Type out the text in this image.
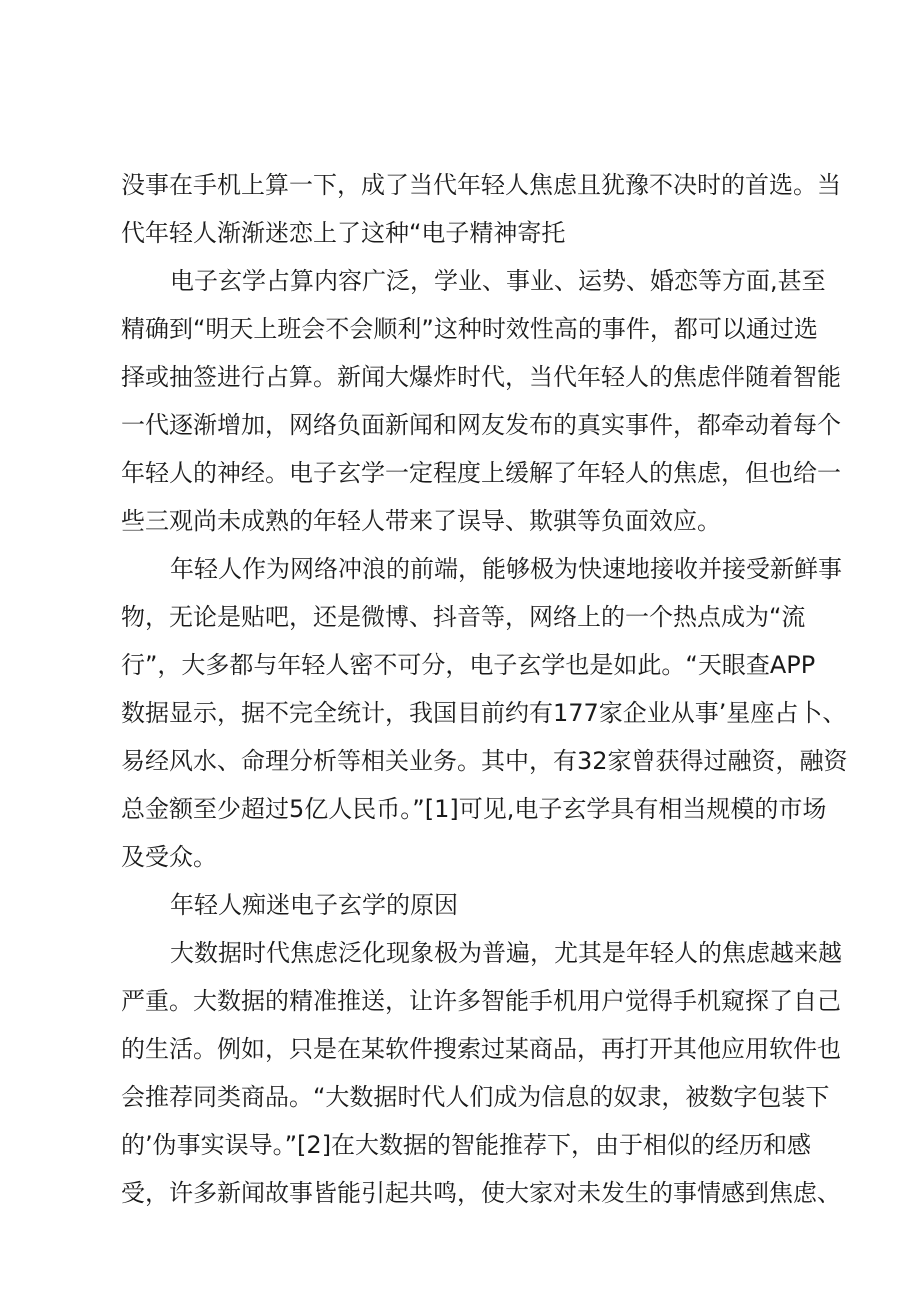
没事在手机上算一下，成了当代年轻人焦虑且犹豫不决时的首选。当

代年轻人渐渐迷恋上了这种“电子精神寄托

电子玄学占算内容广泛，学业、事业、运势、婚恋等方面,甚至

精确到“明天上班会不会顺利”这种时效性高的事件，都可以通过选

择或抽签进行占算。新闻大爆炸时代，当代年轻人的焦虑伴随着智能

一代逐渐增加，网络负面新闻和网友发布的真实事件，都牵动着每个

年轻人的神经。电子玄学一定程度上缓解了年轻人的焦虑，但也给一

些三观尚未成熟的年轻人带来了误导、欺骐等负面效应。

年轻人作为网络冲浪的前端，能够极为快速地接收并接受新鲜事

物，无论是贴吧，还是微博、抖音等，网络上的一个热点成为“流

行”，大多都与年轻人密不可分，电子玄学也是如此。“天眼查APP

数据显示，据不完全统计，我国目前约有177家企业从事’星座占卜、

易经风水、命理分析等相关业务。其中，有32家曾获得过融资，融资

总金额至少超过5亿人民币。”[1]可见,电子玄学具有相当规模的市场

及受众。

年轻人痴迷电子玄学的原因

大数据时代焦虑泛化现象极为普遍，尤其是年轻人的焦虑越来越

严重。大数据的精准推送，让许多智能手机用户觉得手机窥探了自己

的生活。例如，只是在某软件搜索过某商品，再打开其他应用软件也

会推荐同类商品。“大数据时代人们成为信息的奴隶，被数字包装下

的’伪事实误导。”[2]在大数据的智能推荐下，由于相似的经历和感

受，许多新闻故事皆能引起共鸣，使大家对未发生的事情感到焦虑、
